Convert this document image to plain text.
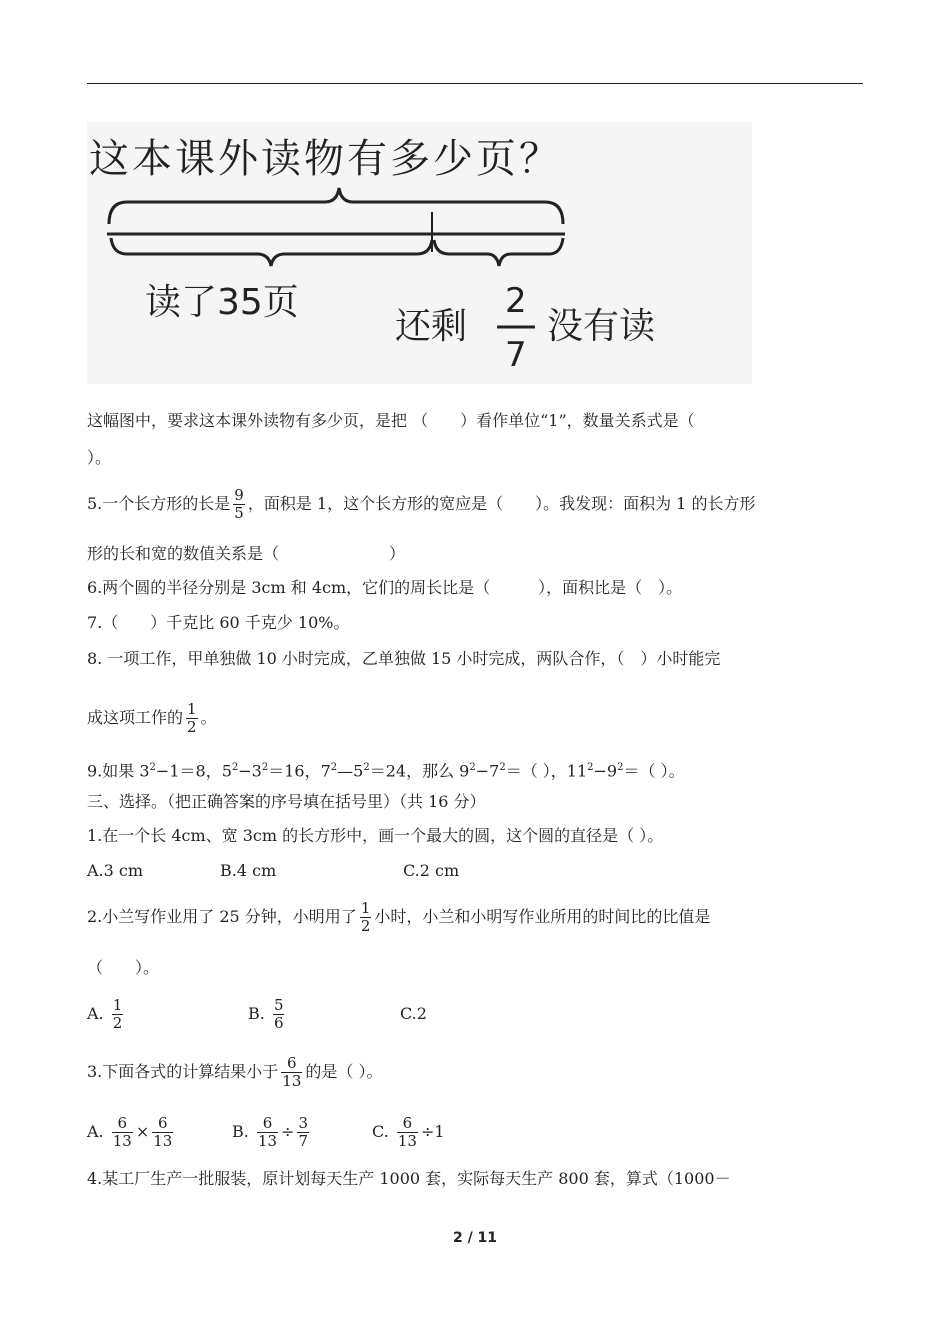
这本课外读物有多少页？
读了35页
还剩
2
7
没有读
这幅图中，要求这本课外读物有多少页，是把 （　　）看作单位“1”，数量关系式是（
）。
5.一个长方形的长是 $\frac{9}{5}$ ，面积是 1，这个长方形的宽应是（　　）。我发现：面积为 1 的长方形
形的长和宽的数值关系是（	）
6.两个圆的半径分别是 3cm 和 4cm，它们的周长比是（　　　），面积比是（　）。
7.（　　）千克比 60 千克少 10%。
8. 一项工作，甲单独做 10 小时完成，乙单独做 15 小时完成，两队合作，（　）小时能完
成这项工作的 $\frac{1}{2}$ 。
9.如果 $3^2-1=8$，$5^2-3^2=16$，$7^2—5^2=24$，那么 $9^2-7^2=$（ ），$11^2-9^2=$（ ）。
三、选择。（把正确答案的序号填在括号里）（共 16 分）
1.在一个长 4cm、宽 3cm 的长方形中，画一个最大的圆，这个圆的直径是（ ）。
A.3 cm	B.4 cm	C.2 cm
2.小兰写作业用了 25 分钟，小明用了 $\frac{1}{2}$ 小时，小兰和小明写作业所用的时间比的比值是
（　　）。
A. $\frac{1}{2}$	B. $\frac{5}{6}$	C.2
3.下面各式的计算结果小于 $\frac{6}{13}$ 的是（ ）。
A. $\frac{6}{13} \times \frac{6}{13}$	B. $\frac{6}{13} \div \frac{3}{7}$	C. $\frac{6}{13} \div 1$
4.某工厂生产一批服装，原计划每天生产 1000 套，实际每天生产 800 套，算式（1000－
2 / 11
